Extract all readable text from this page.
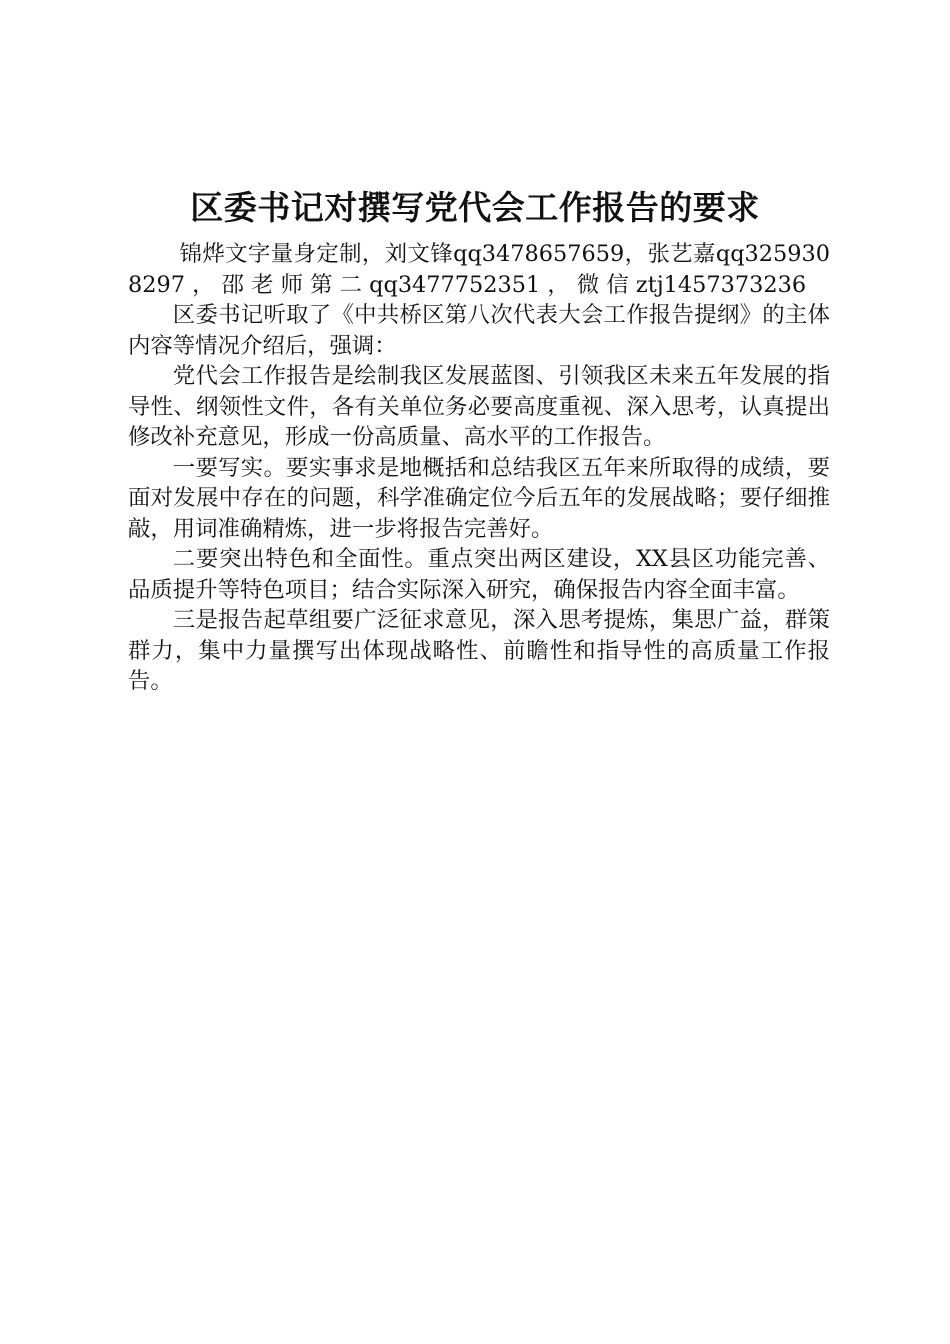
区委书记对撰写党代会工作报告的要求

锦烨文字量身定制，刘文锋qq3478657659，张艺嘉qq3259308297 ， 邵 老 师 第 二 qq3477752351 ， 微 信 ztj1457373236

区委书记听取了《中共桥区第八次代表大会工作报告提纲》的主体内容等情况介绍后，强调：

党代会工作报告是绘制我区发展蓝图、引领我区未来五年发展的指导性、纲领性文件，各有关单位务必要高度重视、深入思考，认真提出修改补充意见，形成一份高质量、高水平的工作报告。

一要写实。要实事求是地概括和总结我区五年来所取得的成绩，要面对发展中存在的问题，科学准确定位今后五年的发展战略；要仔细推敲，用词准确精炼，进一步将报告完善好。

二要突出特色和全面性。重点突出两区建设，XX县区功能完善、品质提升等特色项目；结合实际深入研究，确保报告内容全面丰富。

三是报告起草组要广泛征求意见，深入思考提炼，集思广益，群策群力，集中力量撰写出体现战略性、前瞻性和指导性的高质量工作报告。
